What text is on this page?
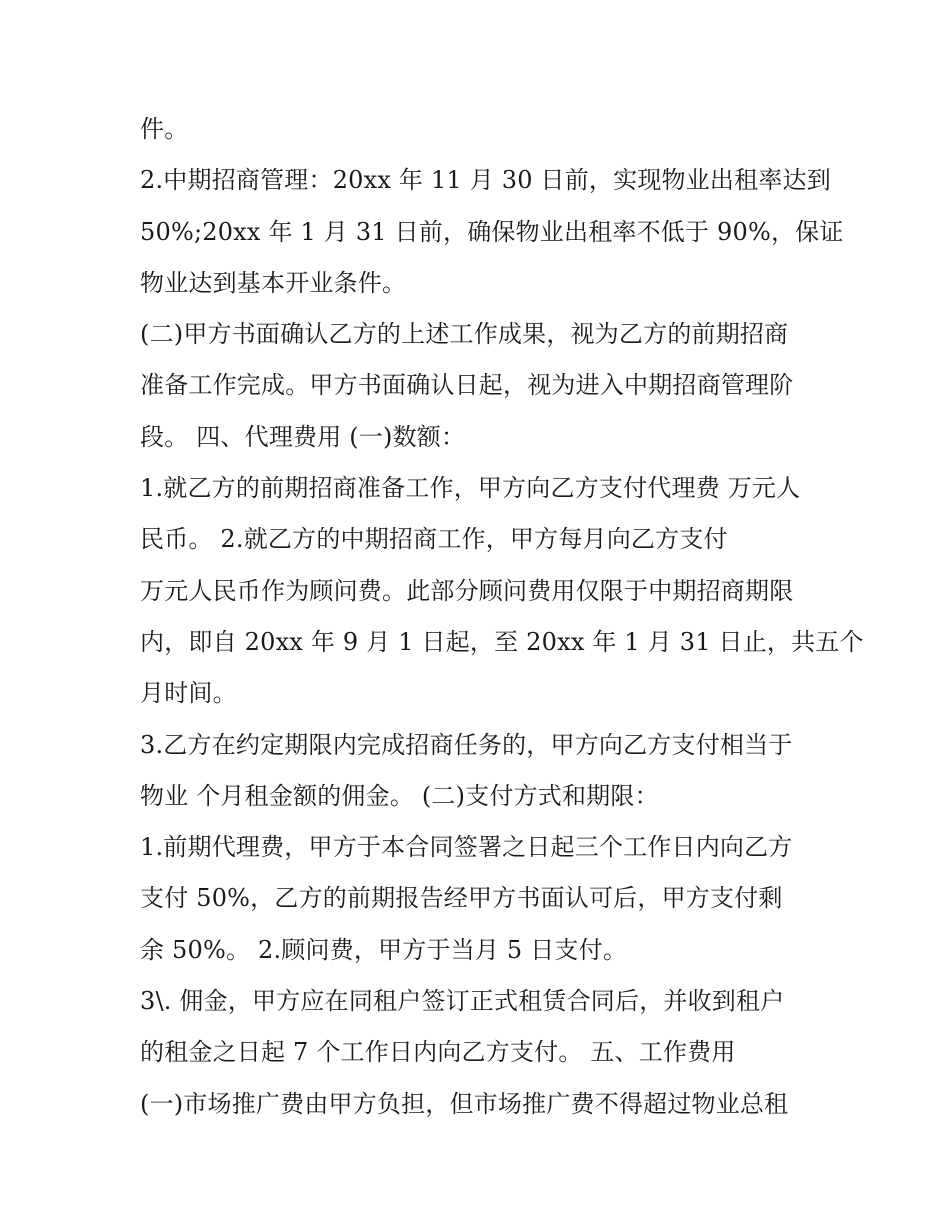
件。
2.中期招商管理：20xx 年 11 月 30 日前，实现物业出租率达到
50%;20xx 年 1 月 31 日前，确保物业出租率不低于 90%，保证
物业达到基本开业条件。
(二)甲方书面确认乙方的上述工作成果，视为乙方的前期招商
准备工作完成。甲方书面确认日起，视为进入中期招商管理阶
段。 四、代理费用 (一)数额：
1.就乙方的前期招商准备工作，甲方向乙方支付代理费 万元人
民币。 2.就乙方的中期招商工作，甲方每月向乙方支付
万元人民币作为顾问费。此部分顾问费用仅限于中期招商期限
内，即自 20xx 年 9 月 1 日起，至 20xx 年 1 月 31 日止，共五个
月时间。
3.乙方在约定期限内完成招商任务的，甲方向乙方支付相当于
物业 个月租金额的佣金。 (二)支付方式和期限：
1.前期代理费，甲方于本合同签署之日起三个工作日内向乙方
支付 50%，乙方的前期报告经甲方书面认可后，甲方支付剩
余 50%。 2.顾问费，甲方于当月 5 日支付。
3\. 佣金，甲方应在同租户签订正式租赁合同后，并收到租户
的租金之日起 7 个工作日内向乙方支付。 五、工作费用
(一)市场推广费由甲方负担，但市场推广费不得超过物业总租
